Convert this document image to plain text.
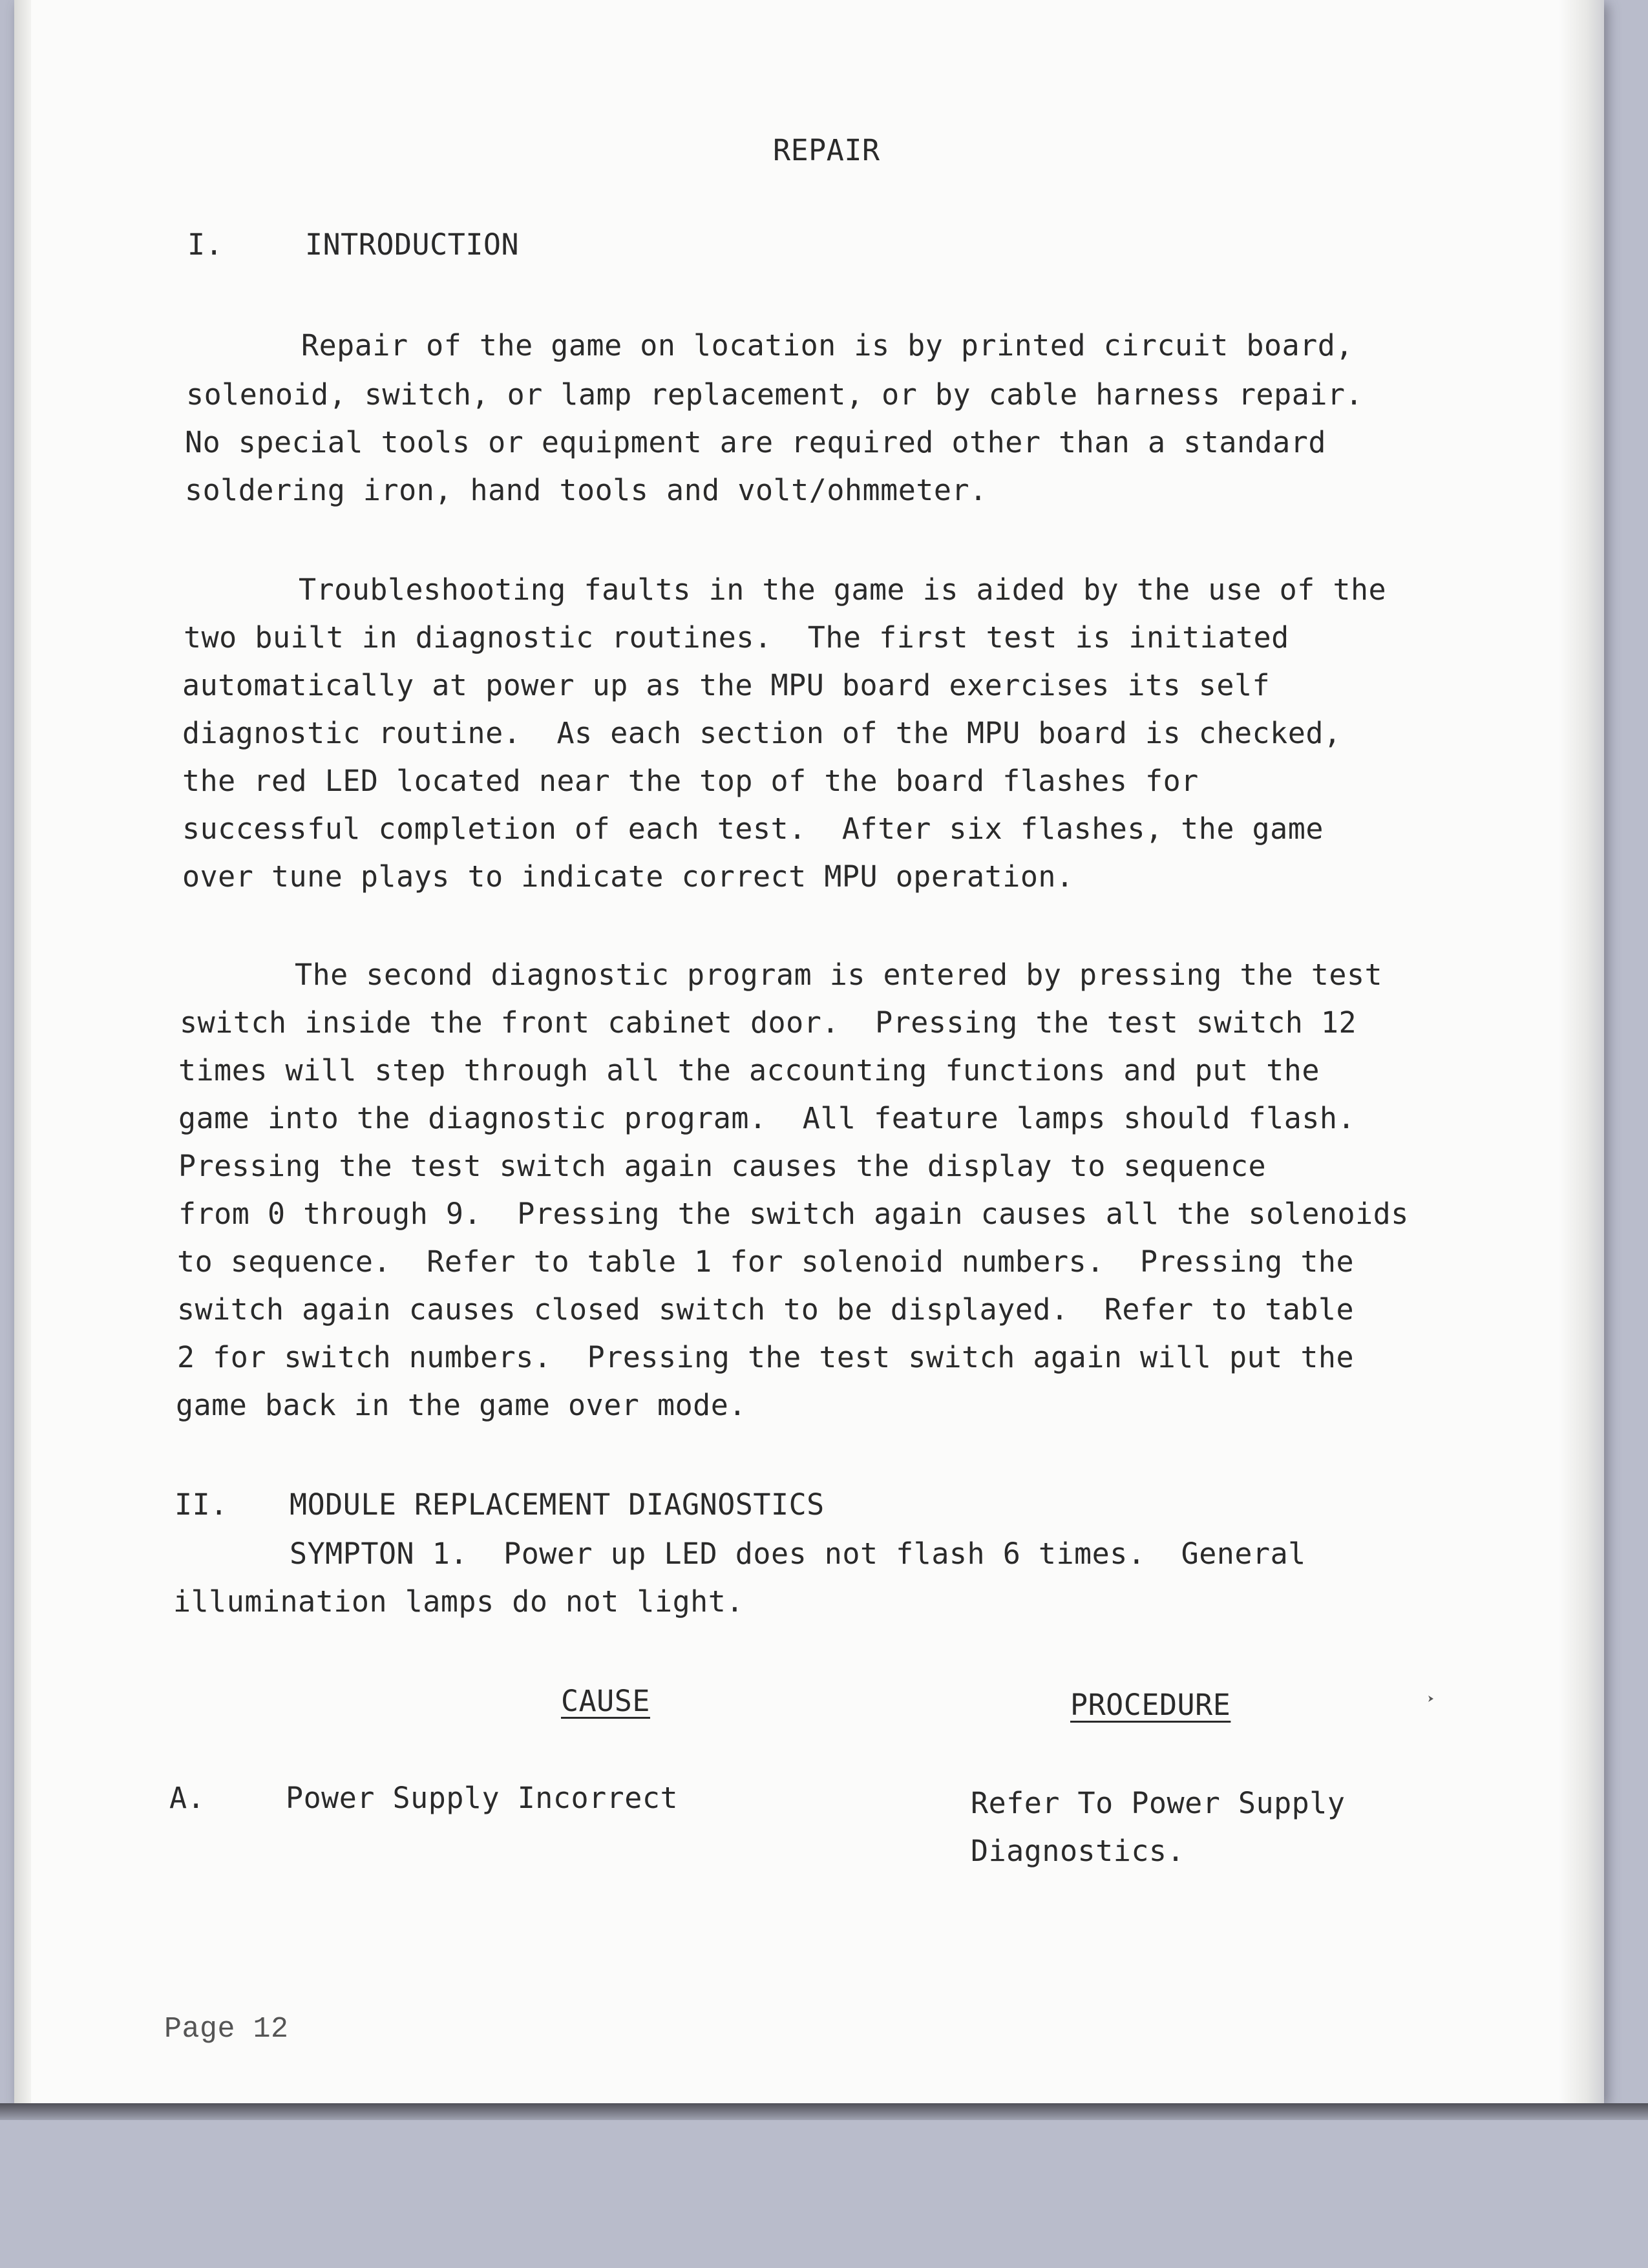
REPAIR
I.	INTRODUCTION
Repair of the game on location is by printed circuit board,
solenoid, switch, or lamp replacement, or by cable harness repair.
No special tools or equipment are required other than a standard
soldering iron, hand tools and volt/ohmmeter.
Troubleshooting faults in the game is aided by the use of the
two built in diagnostic routines.  The first test is initiated
automatically at power up as the MPU board exercises its self
diagnostic routine.  As each section of the MPU board is checked,
the red LED located near the top of the board flashes for
successful completion of each test.  After six flashes, the game
over tune plays to indicate correct MPU operation.
The second diagnostic program is entered by pressing the test
switch inside the front cabinet door.  Pressing the test switch 12
times will step through all the accounting functions and put the
game into the diagnostic program.  All feature lamps should flash.
Pressing the test switch again causes the display to sequence
from 0 through 9.  Pressing the switch again causes all the solenoids
to sequence.  Refer to table 1 for solenoid numbers.  Pressing the
switch again causes closed switch to be displayed.  Refer to table
2 for switch numbers.  Pressing the test switch again will put the
game back in the game over mode.
II. MODULE REPLACEMENT DIAGNOSTICS
SYMPTON 1.  Power up LED does not flash 6 times.  General
illumination lamps do not light.
CAUSE	PROCEDURE
A.	Power Supply Incorrect	Refer To Power Supply
Diagnostics.
Page 12
